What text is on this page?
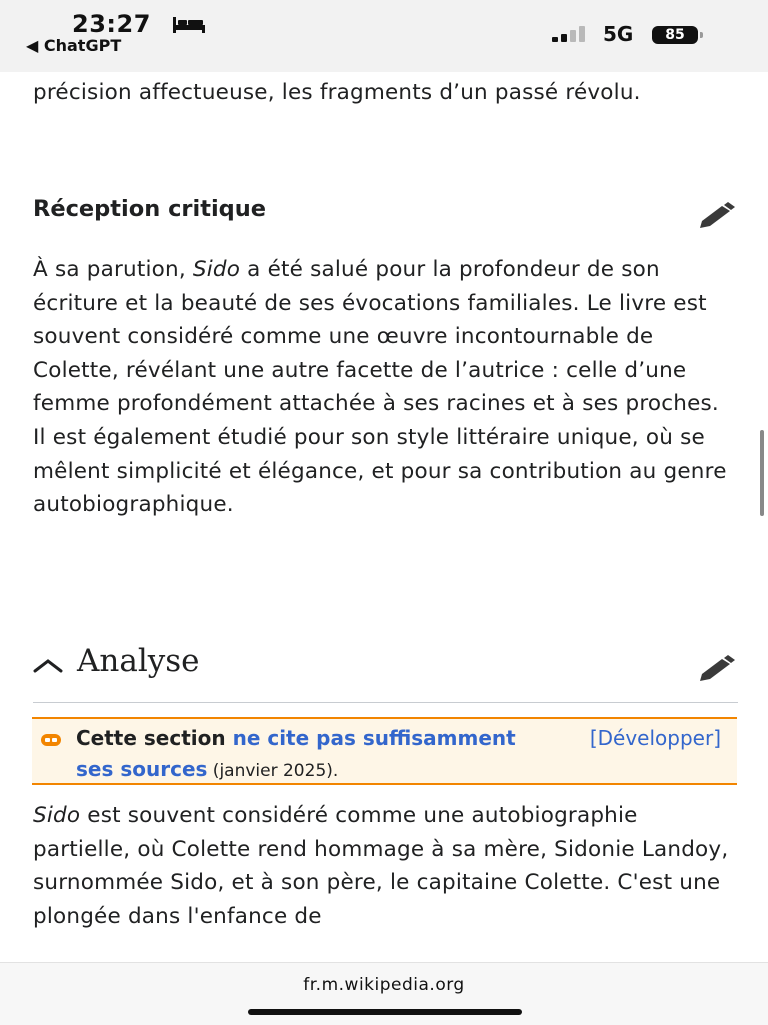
23:27
◀ ChatGPT	5G	85

précision affectueuse, les fragments d’un passé révolu.

Réception critique

À sa parution, Sido a été salué pour la profondeur de son écriture et la beauté de ses évocations familiales. Le livre est souvent considéré comme une œuvre incontournable de Colette, révélant une autre facette de l’autrice : celle d’une femme profondément attachée à ses racines et à ses proches. Il est également étudié pour son style littéraire unique, où se mêlent simplicité et élégance, et pour sa contribution au genre autobiographique.

Analyse
Cette section ne cite pas suffisamment ses sources (janvier 2025).
[Développer]

Sido est souvent considéré comme une autobiographie partielle, où Colette rend hommage à sa mère, Sidonie Landoy, surnommée Sido, et à son père, le capitaine Colette. C'est une plongée dans l'enfance de

fr.m.wikipedia.org
